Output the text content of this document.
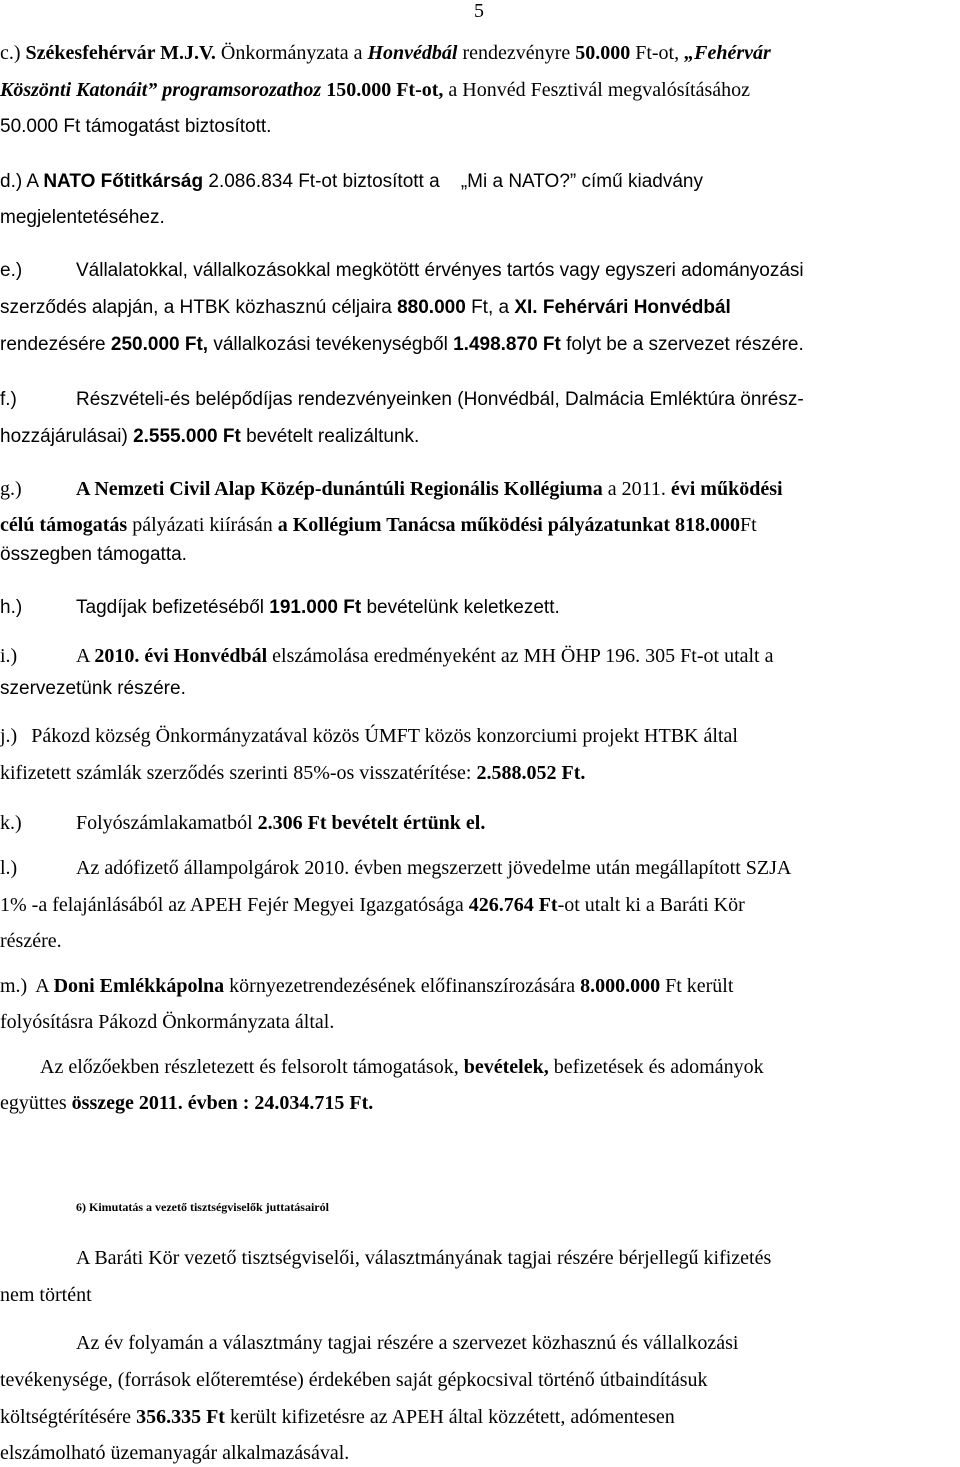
5
c.) Székesfehérvár M.J.V. Önkormányzata a Honvédbál rendezvényre 50.000 Ft-ot, „Fehérvár
Köszönti Katonáit” programsorozathoz 150.000 Ft-ot, a Honvéd Fesztivál megvalósításához
50.000 Ft támogatást biztosított.
d.) A NATO Főtitkárság 2.086.834 Ft-ot biztosított a „Mi a NATO?” című kiadvány
megjelentetéséhez.
e.)	Vállalatokkal, vállalkozásokkal megkötött érvényes tartós vagy egyszeri adományozási
szerződés alapján, a HTBK közhasznú céljaira 880.000 Ft, a XI. Fehérvári Honvédbál
rendezésére 250.000 Ft, vállalkozási tevékenységből 1.498.870 Ft folyt be a szervezet részére.
f.)	Részvételi-és belépődíjas rendezvényeinken (Honvédbál, Dalmácia Emléktúra önrész-
hozzájárulásai) 2.555.000 Ft bevételt realizáltunk.
g.)	A Nemzeti Civil Alap Közép-dunántúli Regionális Kollégiuma a 2011. évi működési
célú támogatás pályázati kiírásán a Kollégium Tanácsa működési pályázatunkat 818.000Ft
összegben támogatta.
h.)	Tagdíjak befizetéséből 191.000 Ft bevételünk keletkezett.
i.)	A 2010. évi Honvédbál elszámolása eredményeként az MH ÖHP 196. 305 Ft-ot utalt a
szervezetünk részére.
j.) Pákozd község Önkormányzatával közös ÚMFT közös konzorciumi projekt HTBK által
kifizetett számlák szerződés szerinti 85%-os visszatérítése: 2.588.052 Ft.
k.)	Folyószámlakamatból 2.306 Ft bevételt értünk el.
l.)	Az adófizető állampolgárok 2010. évben megszerzett jövedelme után megállapított SZJA
1% -a felajánlásából az APEH Fejér Megyei Igazgatósága 426.764 Ft-ot utalt ki a Baráti Kör
részére.
m.) A Doni Emlékkápolna környezetrendezésének előfinanszírozására 8.000.000 Ft került
folyósításra Pákozd Önkormányzata által.
Az előzőekben részletezett és felsorolt támogatások, bevételek, befizetések és adományok
együttes összege 2011. évben : 24.034.715 Ft.
6) Kimutatás a vezető tisztségviselők juttatásairól
A Baráti Kör vezető tisztségviselői, választmányának tagjai részére bérjellegű kifizetés
nem történt
Az év folyamán a választmány tagjai részére a szervezet közhasznú és vállalkozási
tevékenysége, (források előteremtése) érdekében saját gépkocsival történő útbaindításuk
költségtérítésére 356.335 Ft került kifizetésre az APEH által közzétett, adómentesen
elszámolható üzemanyagár alkalmazásával.
